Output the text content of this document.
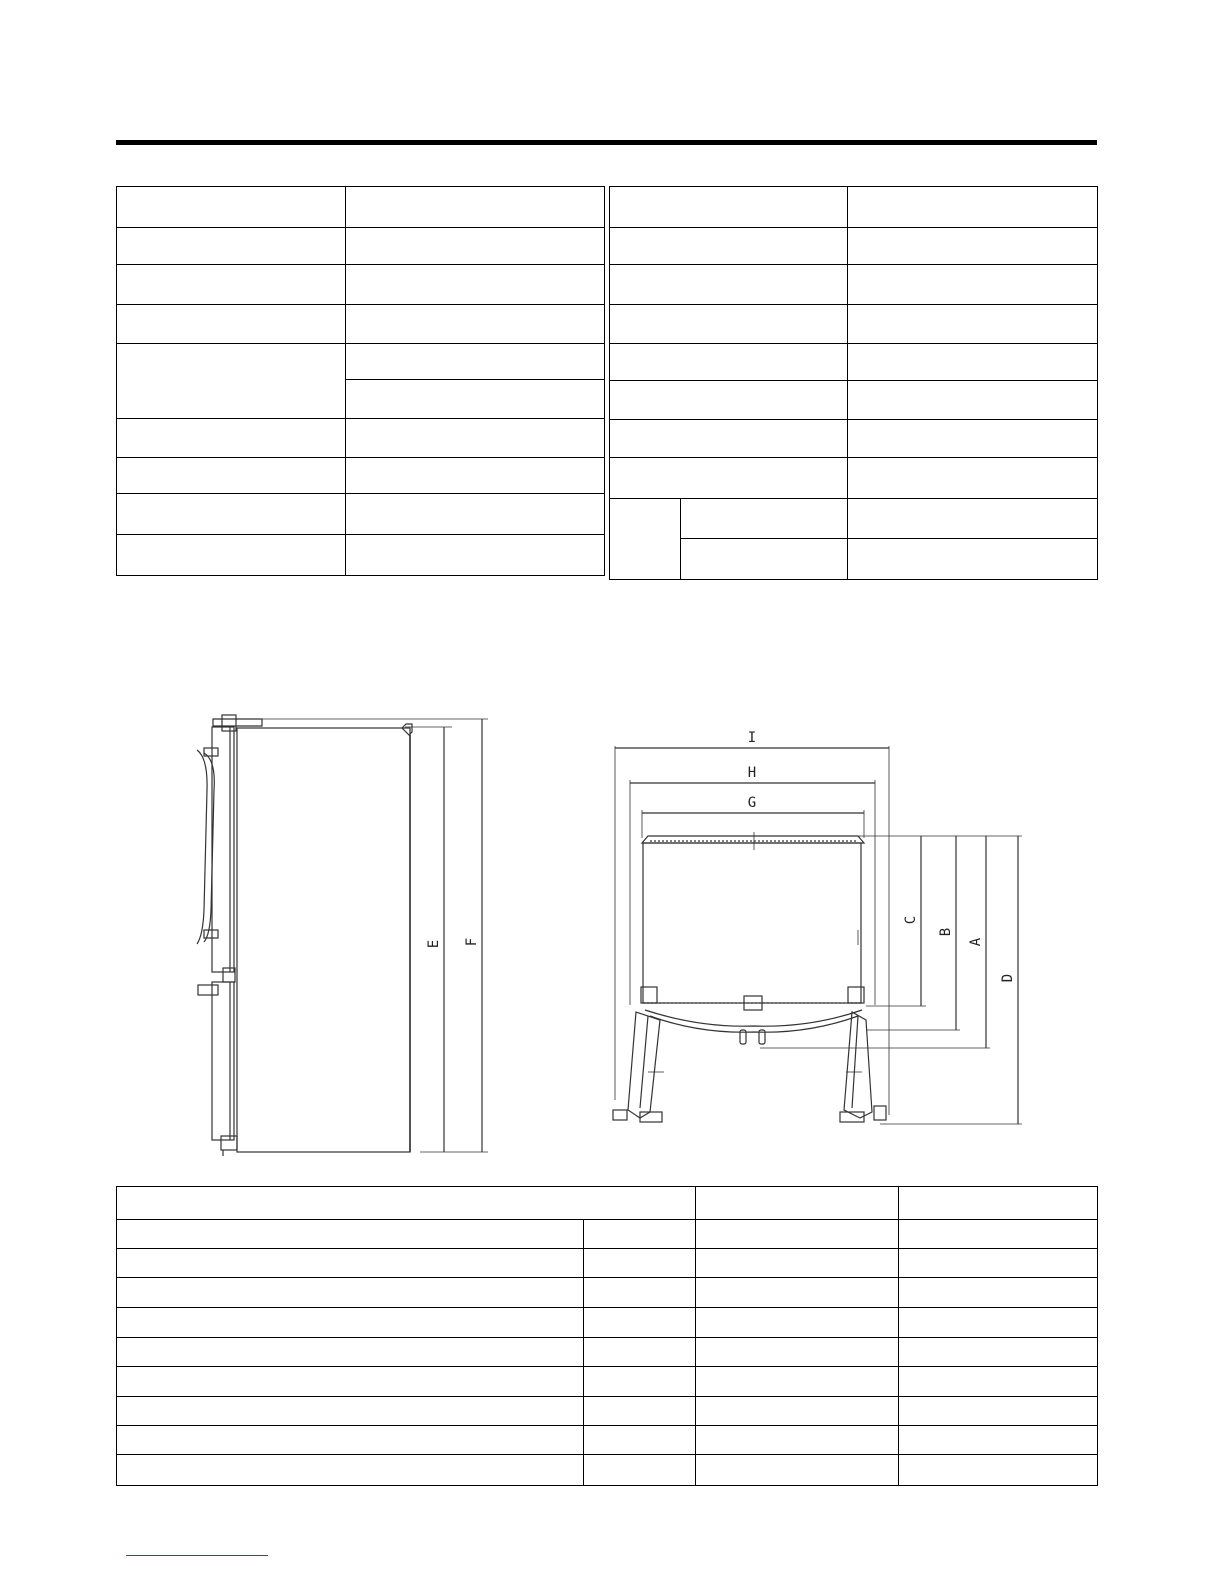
E F
I
H
G
C
B
A
D
